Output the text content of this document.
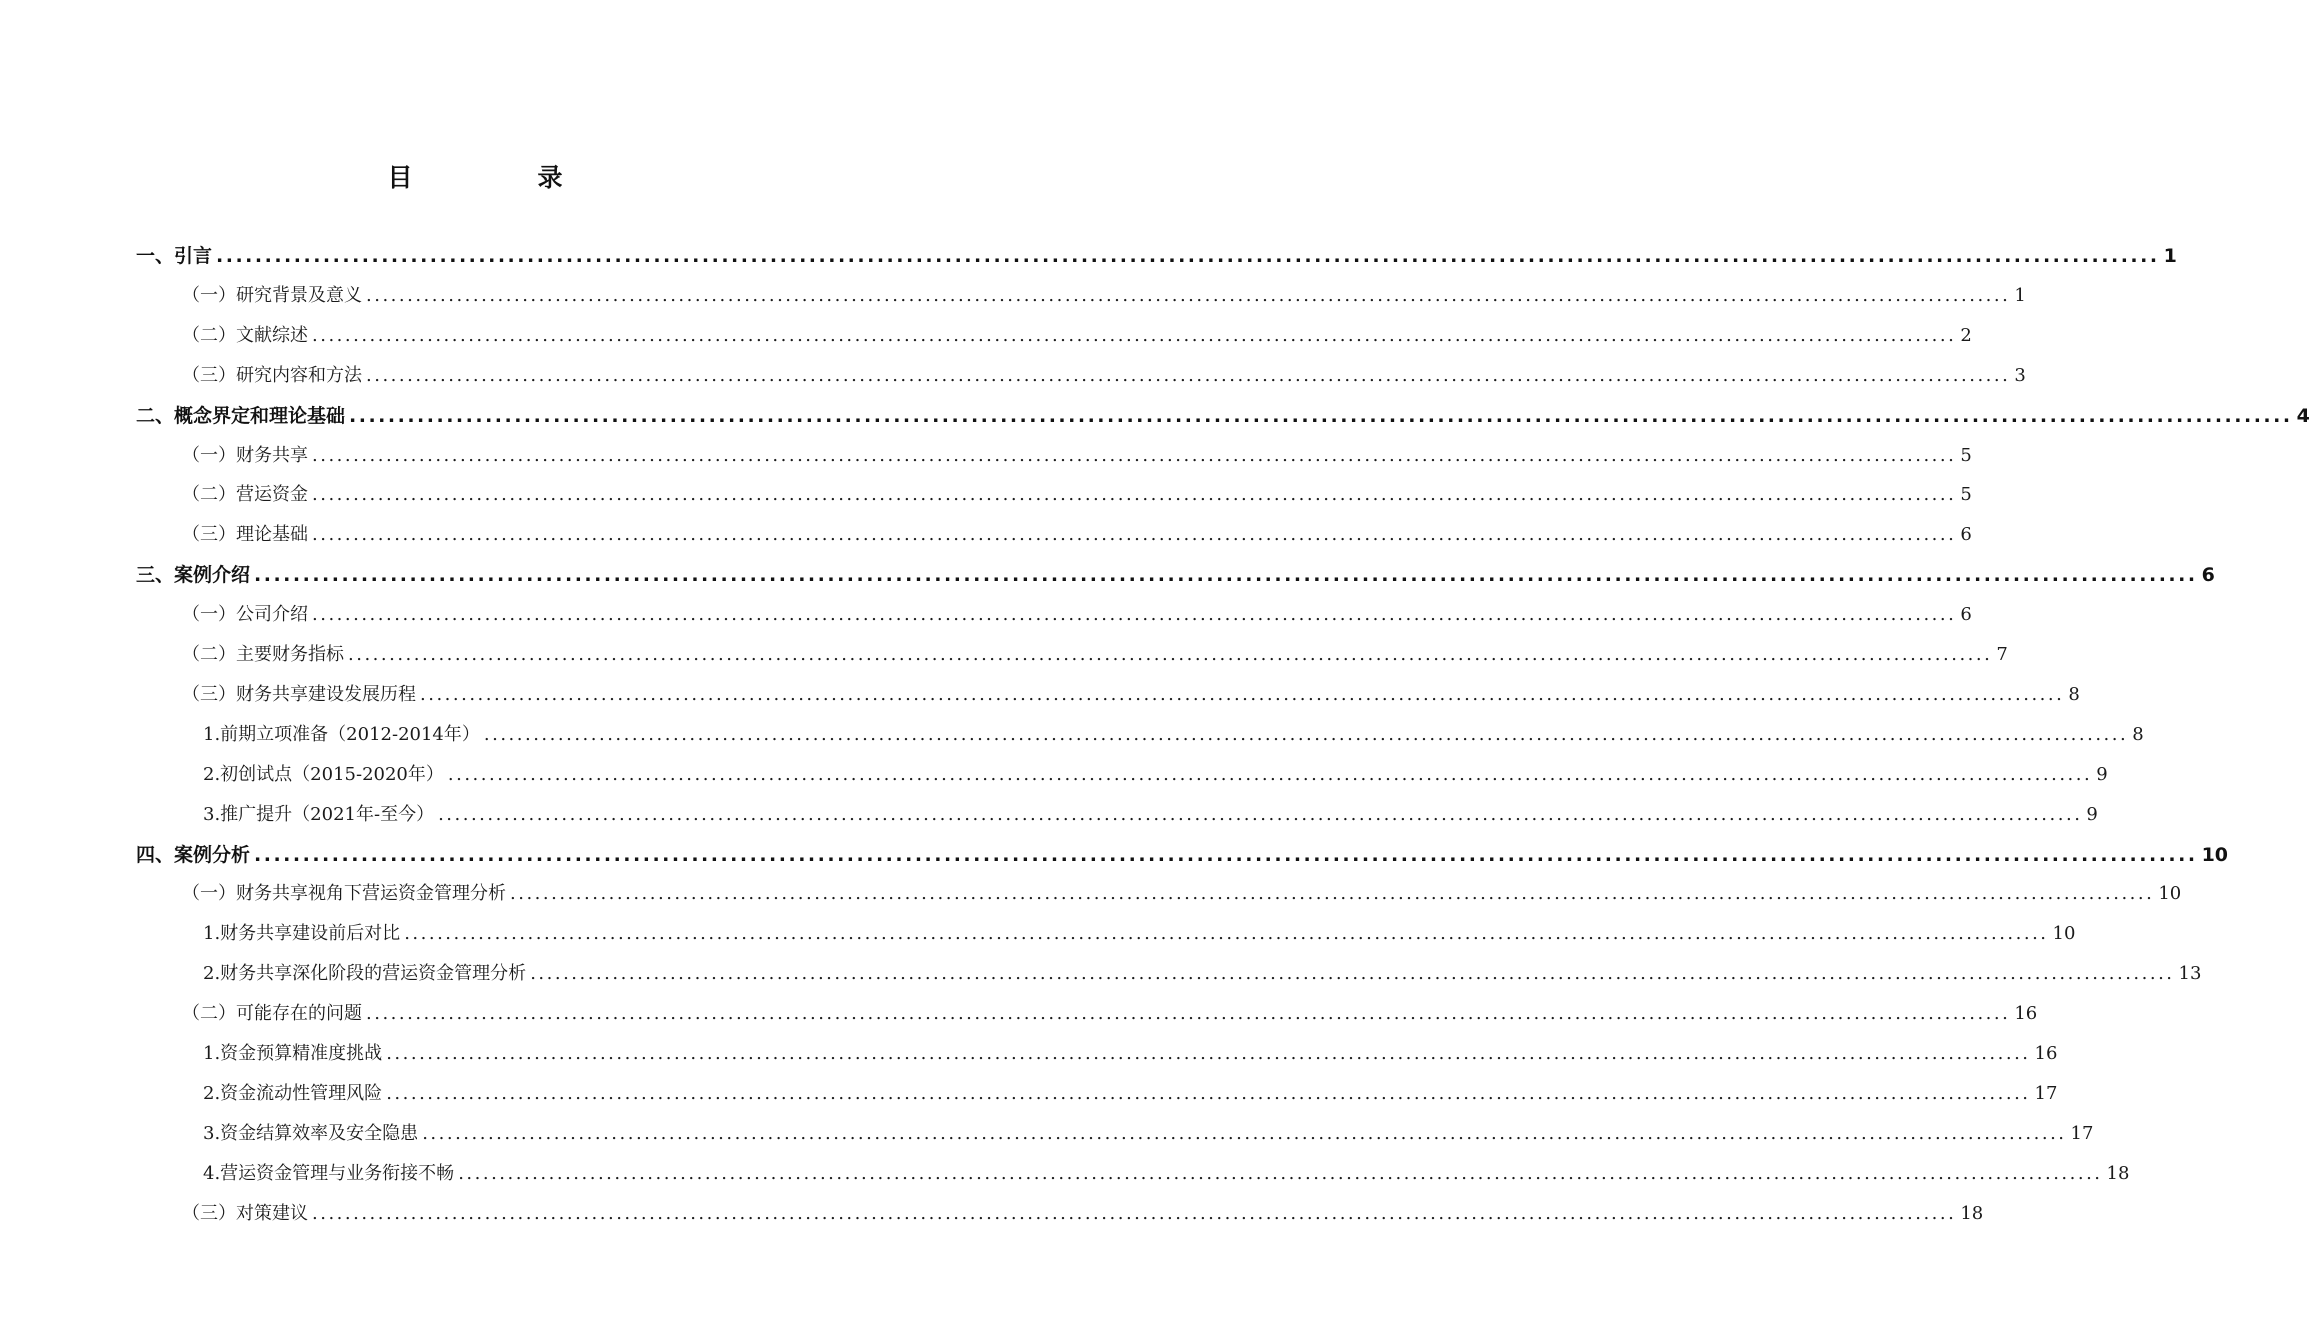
目　录
一、引言 ........................................................................................................................................................................................................ 1
（一）研究背景及意义 ........................................................................................................................................................................................................ 1
（二）文献综述 ........................................................................................................................................................................................................ 2
（三）研究内容和方法 ........................................................................................................................................................................................................ 3
二、概念界定和理论基础 ........................................................................................................................................................................................................ 4
（一）财务共享 ........................................................................................................................................................................................................ 5
（二）营运资金 ........................................................................................................................................................................................................ 5
（三）理论基础 ........................................................................................................................................................................................................ 6
三、案例介绍 ........................................................................................................................................................................................................ 6
（一）公司介绍 ........................................................................................................................................................................................................ 6
（二）主要财务指标 ........................................................................................................................................................................................................ 7
（三）财务共享建设发展历程 ........................................................................................................................................................................................................ 8
1.前期立项准备（2012-2014年） ........................................................................................................................................................................................................ 8
2.初创试点（2015-2020年） ........................................................................................................................................................................................................ 9
3.推广提升（2021年-至今） ........................................................................................................................................................................................................ 9
四、案例分析 ........................................................................................................................................................................................................ 10
（一）财务共享视角下营运资金管理分析 ........................................................................................................................................................................................................ 10
1.财务共享建设前后对比 ........................................................................................................................................................................................................ 10
2.财务共享深化阶段的营运资金管理分析 ........................................................................................................................................................................................................ 13
（二）可能存在的问题 ........................................................................................................................................................................................................ 16
1.资金预算精准度挑战 ........................................................................................................................................................................................................ 16
2.资金流动性管理风险 ........................................................................................................................................................................................................ 17
3.资金结算效率及安全隐患 ........................................................................................................................................................................................................ 17
4.营运资金管理与业务衔接不畅 ........................................................................................................................................................................................................ 18
（三）对策建议 ........................................................................................................................................................................................................ 18
